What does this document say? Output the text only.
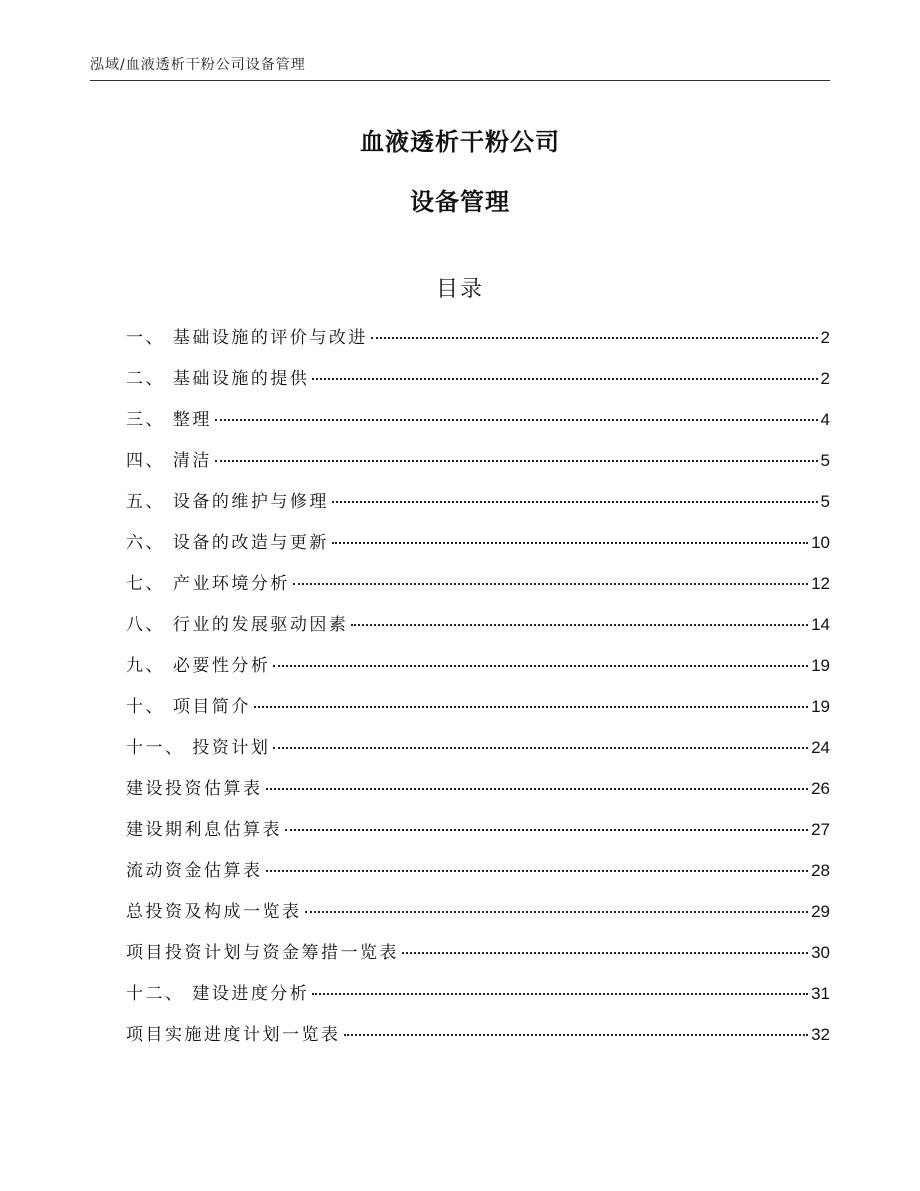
泓域/血液透析干粉公司设备管理
血液透析干粉公司
设备管理
目录
一、 基础设施的评价与改进	2
二、 基础设施的提供	2
三、 整理	4
四、 清洁	5
五、 设备的维护与修理	5
六、 设备的改造与更新	10
七、 产业环境分析	12
八、 行业的发展驱动因素	14
九、 必要性分析	19
十、 项目简介	19
十一、 投资计划	24
建设投资估算表	26
建设期利息估算表	27
流动资金估算表	28
总投资及构成一览表	29
项目投资计划与资金筹措一览表	30
十二、 建设进度分析	31
项目实施进度计划一览表	32
